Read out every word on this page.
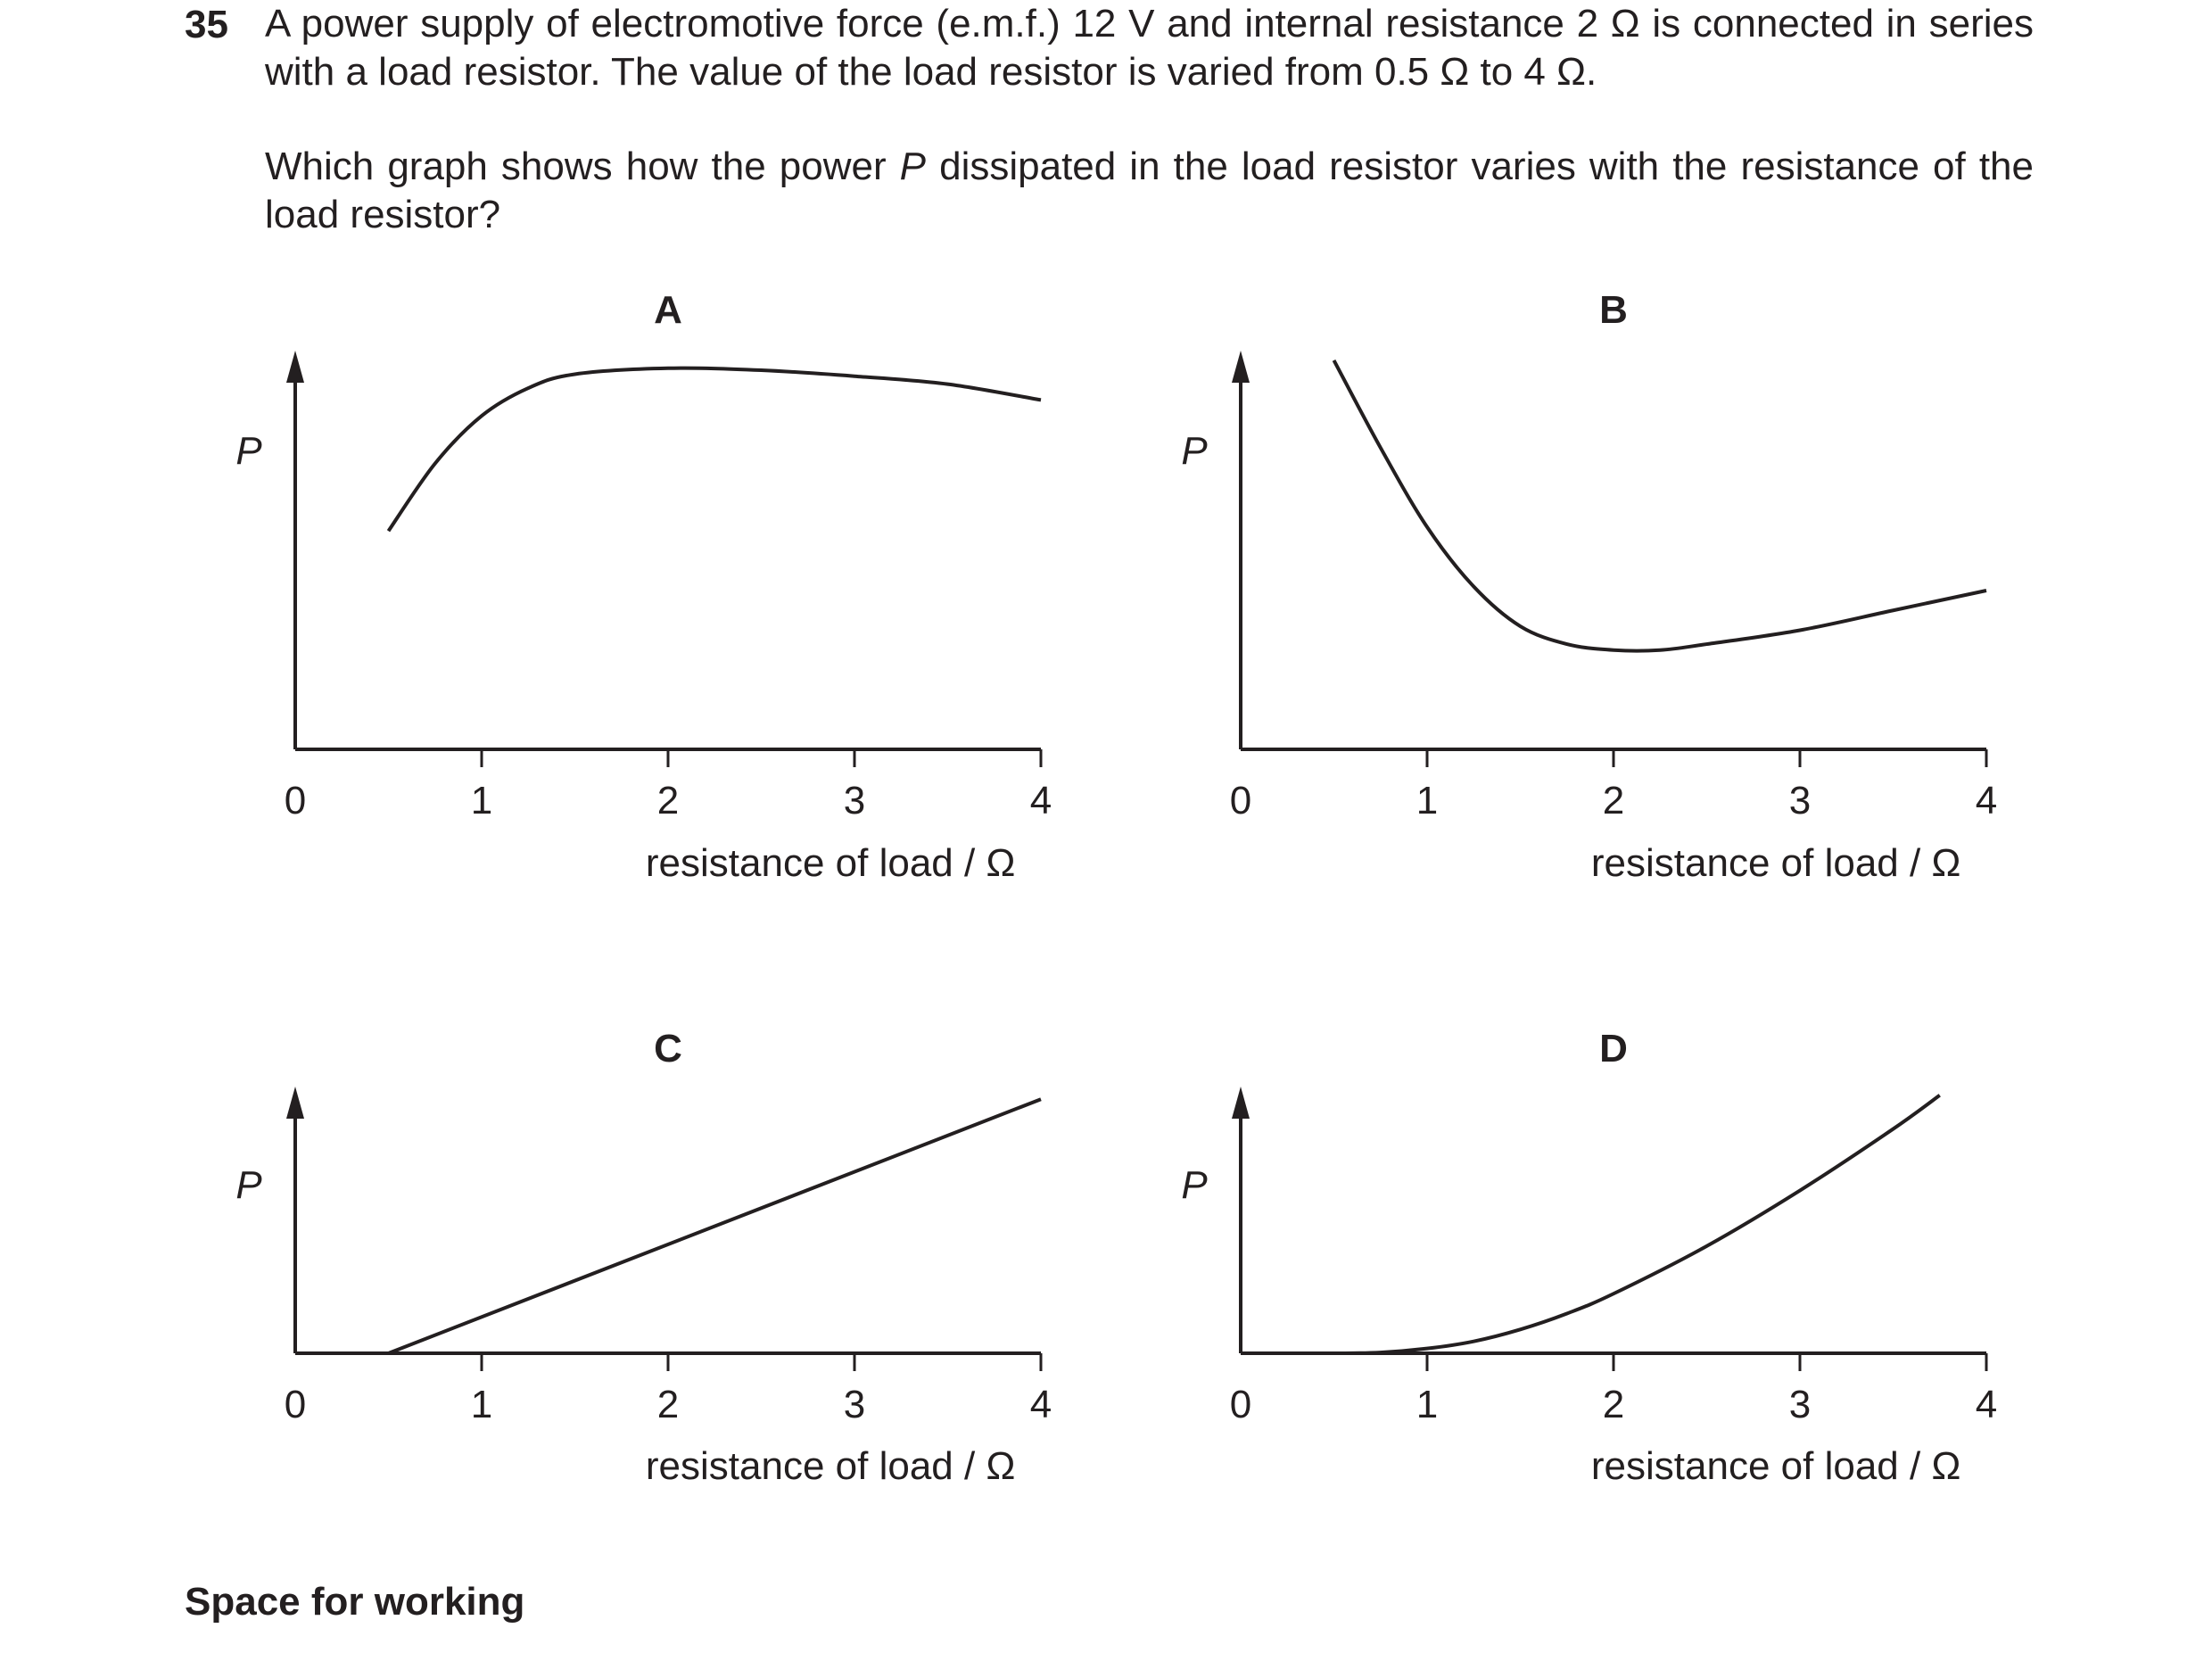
35 A power supply of electromotive force (e.m.f.) 12 V and internal resistance 2 Ω is connected in series with a load resistor. The value of the load resistor is varied from 0.5 Ω to 4 Ω.
Which graph shows how the power P dissipated in the load resistor varies with the resistance of the load resistor?
A
0	1	2	3	4
resistance of load / Ω
P
B
0	1	2	3	4
resistance of load / Ω
P
C
0	1	2	3	4
resistance of load / Ω
P
D
0	1	2	3	4
resistance of load / Ω
P
Space for working
